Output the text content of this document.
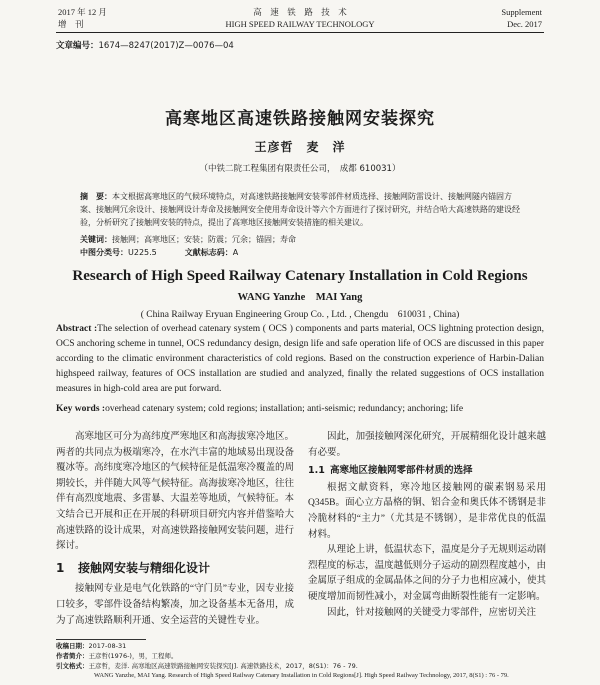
2017 年 12 月
增　刊
高　速　铁　路　技　术
HIGH SPEED RAILWAY TECHNOLOGY
Supplement
Dec. 2017
文章编号：1674—8247(2017)Z—0076—04
高寒地区高速铁路接触网安装探究
王彦哲　麦　洋
（中铁二院工程集团有限责任公司，　成都 610031）
摘　要：本文根据高寒地区的气候环境特点，对高速铁路接触网安装零部件材质选择、接触网防雷设计、接触网隧内锚固方案、接触网冗余设计、接触网设计寿命及接触网安全使用寿命设计等六个方面进行了探讨研究，并结合哈大高速铁路的建设经验，分析研究了接触网安装的特点，提出了高寒地区接触网安装措施的相关建议。
关键词：接触网；高寒地区；安装；防震；冗余；锚固；寿命
中图分类号：U225.5	文献标志码：A
Research of High Speed Railway Catenary Installation in Cold Regions
WANG Yanzhe　MAI Yang
( China Railway Eryuan Engineering Group Co. , Ltd. , Chengdu　610031 , China)
Abstract :The selection of overhead catenary system ( OCS ) components and parts material, OCS lightning protection design, OCS anchoring scheme in tunnel, OCS redundancy design, design life and safe operation life of OCS are discussed in this paper according to the climatic environment characteristics of cold regions. Based on the construction experience of Harbin-Dalian highspeed railway, features of OCS installation are studied and analyzed, finally the related suggestions of OCS installation measures in high-cold area are put forward.
Key words :overhead catenary system; cold regions; installation; anti-seismic; redundancy; anchoring; life

高寒地区可分为高纬度严寒地区和高海拔寒冷地区。两者的共同点为极端寒冷，在水汽丰富的地域易出现设备覆冰等。高纬度寒冷地区的气候特征是低温寒冷覆盖的周期较长，并伴随大风等气候特征。高海拔寒冷地区，往往伴有高烈度地震、多雷暴、大温差等地质，气候特征。本文结合已开展和正在开展的科研项目研究内容并借鉴哈大高速铁路的设计成果，对高速铁路接触网安装问题，进行探讨。

1 接触网安装与精细化设计

接触网专业是电气化铁路的“守门员”专业，因专业接口较多，零部件设备结构繁凑，加之设备基本无备用，成为了高速铁路顺利开通、安全运营的关键性专业。

因此，加强接触网深化研究，开展精细化设计越来越有必要。

1.1 高寒地区接触网零部件材质的选择

根据文献资料，寒冷地区接触网的碳素钢易采用Q345B。面心立方晶格的铜、铝合金和奥氏体不锈钢是非冷脆材料的“主力”（尤其是不锈钢），是非常优良的低温材料。

从理论上讲，低温状态下，温度是分子无规则运动剧烈程度的标志，温度越低则分子运动的剧烈程度越小，由金属原子组成的金属晶体之间的分子力也相应减小，使其硬度增加而韧性减小，对金属弯曲断裂性能有一定影响。

因此，针对接触网的关键受力零部件，应密切关注

收稿日期：2017-08-31
作者简介：王彦哲(1976-)，男，工程师。
引文格式：王彦哲，麦洋. 高寒地区高速铁路接触网安装探究[J]. 高速铁路技术，2017，8(S1)：76 - 79.
WANG Yanzhe, MAI Yang. Research of High Speed Railway Catenary Installation in Cold Regions[J]. High Speed Railway Technology, 2017, 8(S1) : 76 - 79.
